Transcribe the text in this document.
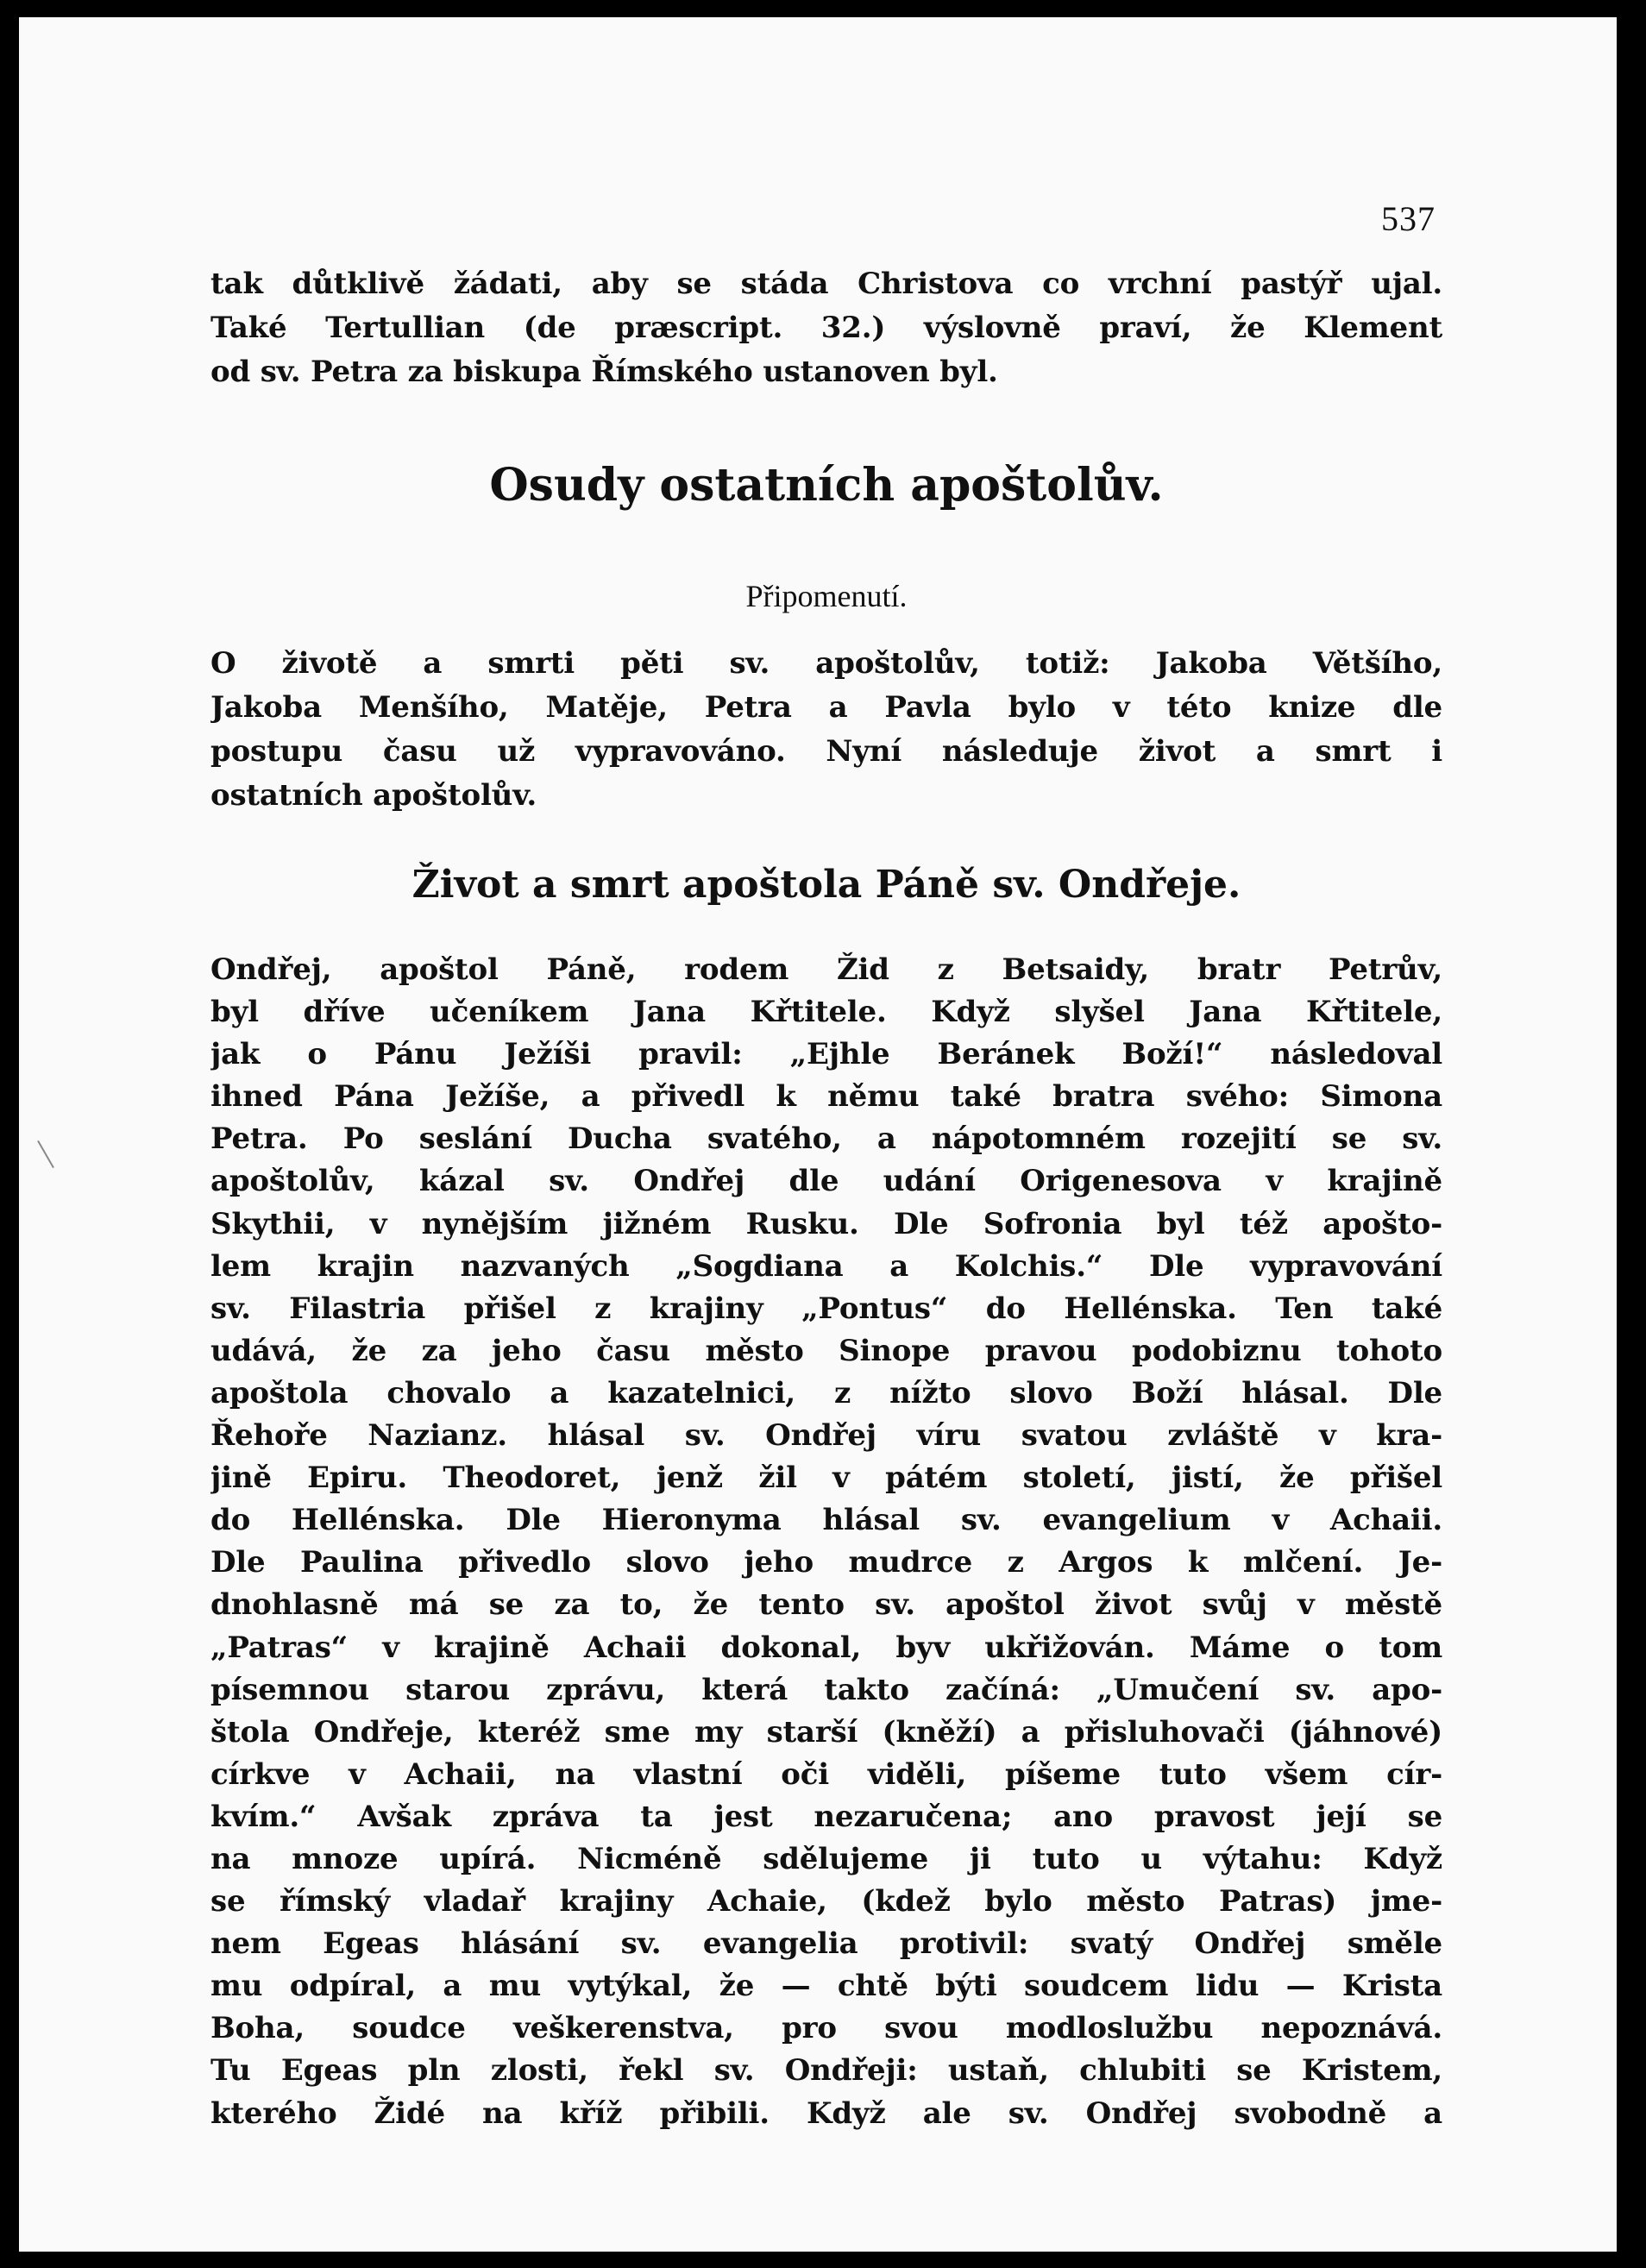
537

tak důtklivě žádati, aby se stáda Christova co vrchní pastýř ujal.
Také Tertullian (de præscript. 32.) výslovně praví, že Klement
od sv. Petra za biskupa Římského ustanoven byl.

Osudy ostatních apoštolův.
Připomenutí.

O životě a smrti pěti sv. apoštolův, totiž: Jakoba Většího,
Jakoba Menšího, Matěje, Petra a Pavla bylo v této knize dle
postupu času už vypravováno. Nyní následuje život a smrt i
ostatních apoštolův.

Život a smrt apoštola Páně sv. Ondřeje.

Ondřej, apoštol Páně, rodem Žid z Betsaidy, bratr Petrův,
byl dříve učeníkem Jana Křtitele. Když slyšel Jana Křtitele,
jak o Pánu Ježíši pravil: „Ejhle Beránek Boží!“ následoval
ihned Pána Ježíše, a přivedl k němu také bratra svého: Simona
Petra. Po seslání Ducha svatého, a nápotomném rozejití se sv.
apoštolův, kázal sv. Ondřej dle udání Origenesova v krajině
Skythii, v nynějším jižném Rusku. Dle Sofronia byl též apošto-
lem krajin nazvaných „Sogdiana a Kolchis.“ Dle vypravování
sv. Filastria přišel z krajiny „Pontus“ do Hellénska. Ten také
udává, že za jeho času město Sinope pravou podobiznu tohoto
apoštola chovalo a kazatelnici, z nížto slovo Boží hlásal. Dle
Řehoře Nazianz. hlásal sv. Ondřej víru svatou zvláště v kra-
jině Epiru. Theodoret, jenž žil v pátém století, jistí, že přišel
do Hellénska. Dle Hieronyma hlásal sv. evangelium v Achaii.
Dle Paulina přivedlo slovo jeho mudrce z Argos k mlčení. Je-
dnohlasně má se za to, že tento sv. apoštol život svůj v městě
„Patras“ v krajině Achaii dokonal, byv ukřižován. Máme o tom
písemnou starou zprávu, která takto začíná: „Umučení sv. apo-
štola Ondřeje, kteréž sme my starší (kněží) a přisluhovači (jáhnové)
církve v Achaii, na vlastní oči viděli, píšeme tuto všem cír-
kvím.“ Avšak zpráva ta jest nezaručena; ano pravost její se
na mnoze upírá. Nicméně sdělujeme ji tuto u výtahu: Když
se římský vladař krajiny Achaie, (kdež bylo město Patras) jme-
nem Egeas hlásání sv. evangelia protivil: svatý Ondřej směle
mu odpíral, a mu vytýkal, že — chtě býti soudcem lidu — Krista
Boha, soudce veškerenstva, pro svou modloslužbu nepoznává.
Tu Egeas pln zlosti, řekl sv. Ondřeji: ustaň, chlubiti se Kristem,
kterého Židé na kříž přibili. Když ale sv. Ondřej svobodně a
